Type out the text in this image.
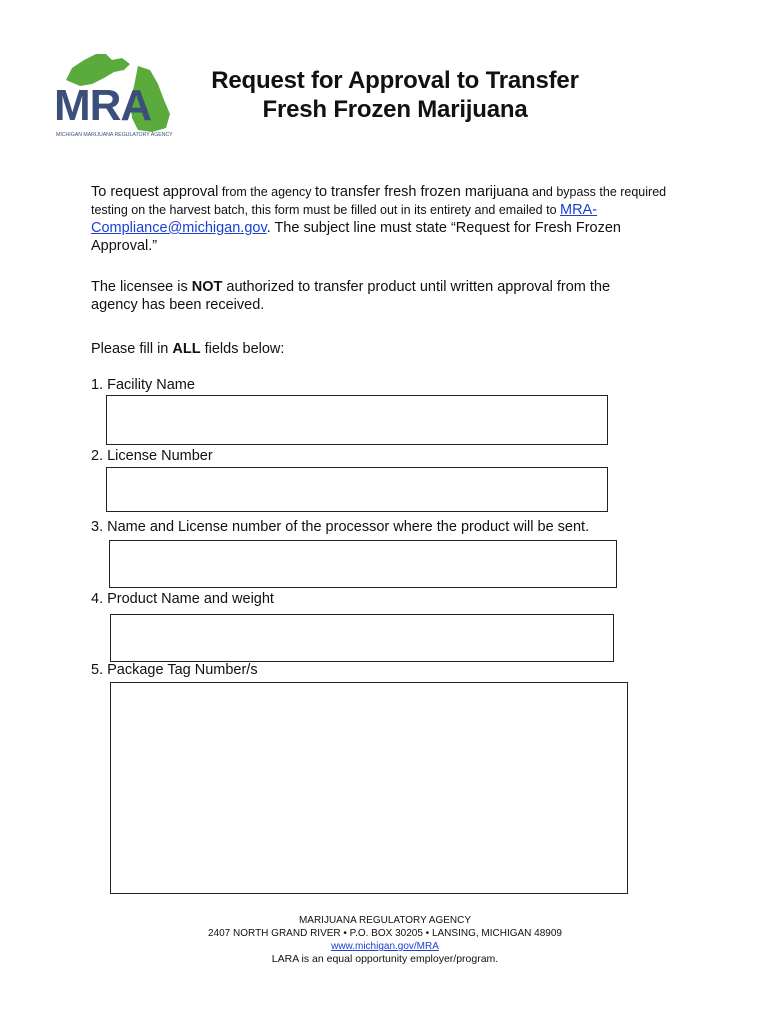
MRA
MICHIGAN MARIJUANA REGULATORY AGENCY
Request for Approval to Transfer
Fresh Frozen Marijuana
To request approval from the agency to transfer fresh frozen marijuana and bypass the required testing on the harvest batch, this form must be filled out in its entirety and emailed to MRA-Compliance@michigan.gov. The subject line must state “Request for Fresh Frozen Approval.”
The licensee is NOT authorized to transfer product until written approval from the agency has been received.
Please fill in ALL fields below:
1. Facility Name
2. License Number
3. Name and License number of the processor where the product will be sent.
4. Product Name and weight
5. Package Tag Number/s
MARIJUANA REGULATORY AGENCY
2407 NORTH GRAND RIVER • P.O. BOX 30205 • LANSING, MICHIGAN 48909
www.michigan.gov/MRA
LARA is an equal opportunity employer/program.
